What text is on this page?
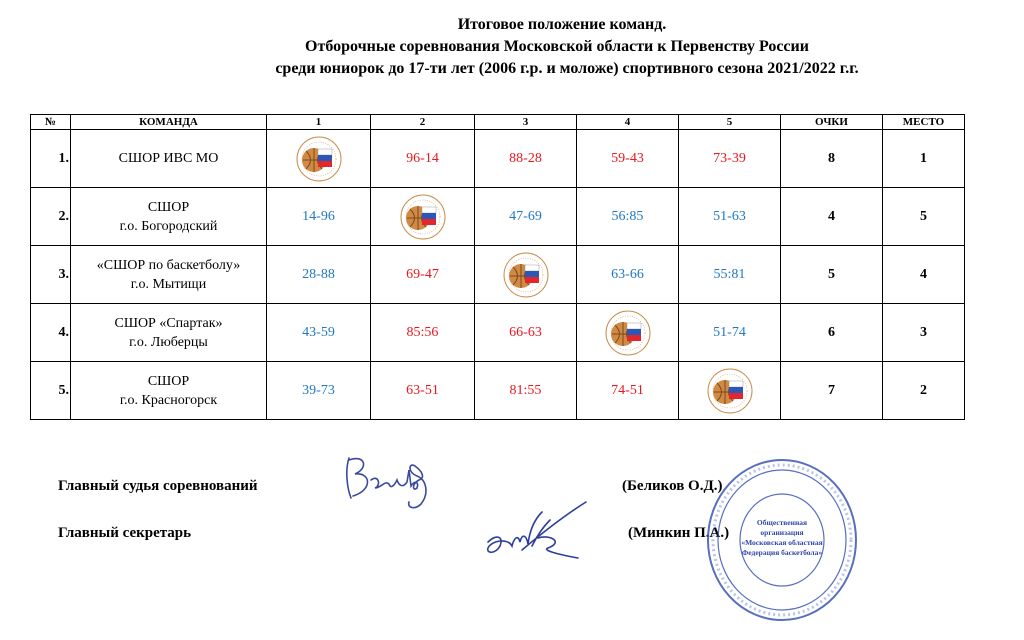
Итоговое положение команд.
Отборочные соревнования Московской области к Первенству России
среди юниорок до 17-ти лет (2006 г.р. и моложе) спортивного сезона 2021/2022 г.г.
№	КОМАНДА	1	2	3	4	5	ОЧКИ	МЕСТО
1.	СШОР ИВС МО		96-14	88-28	59-43	73-39	8	1
2.	СШОР
г.о. Богородский	14-96		47-69	56:85	51-63	4	5
3.	«СШОР по баскетболу»
г.о. Мытищи	28-88	69-47		63-66	55:81	5	4
4.	СШОР «Спартак»
г.о. Люберцы	43-59	85:56	66-63		51-74	6	3
5.	СШОР
г.о. Красногорск	39-73	63-51	81:55	74-51		7	2
Главный судья соревнований	(Беликов О.Д.)
Главный секретарь	(Минкин П.А.)
Общественная
организация
«Московская областная
Федерация баскетбола»
